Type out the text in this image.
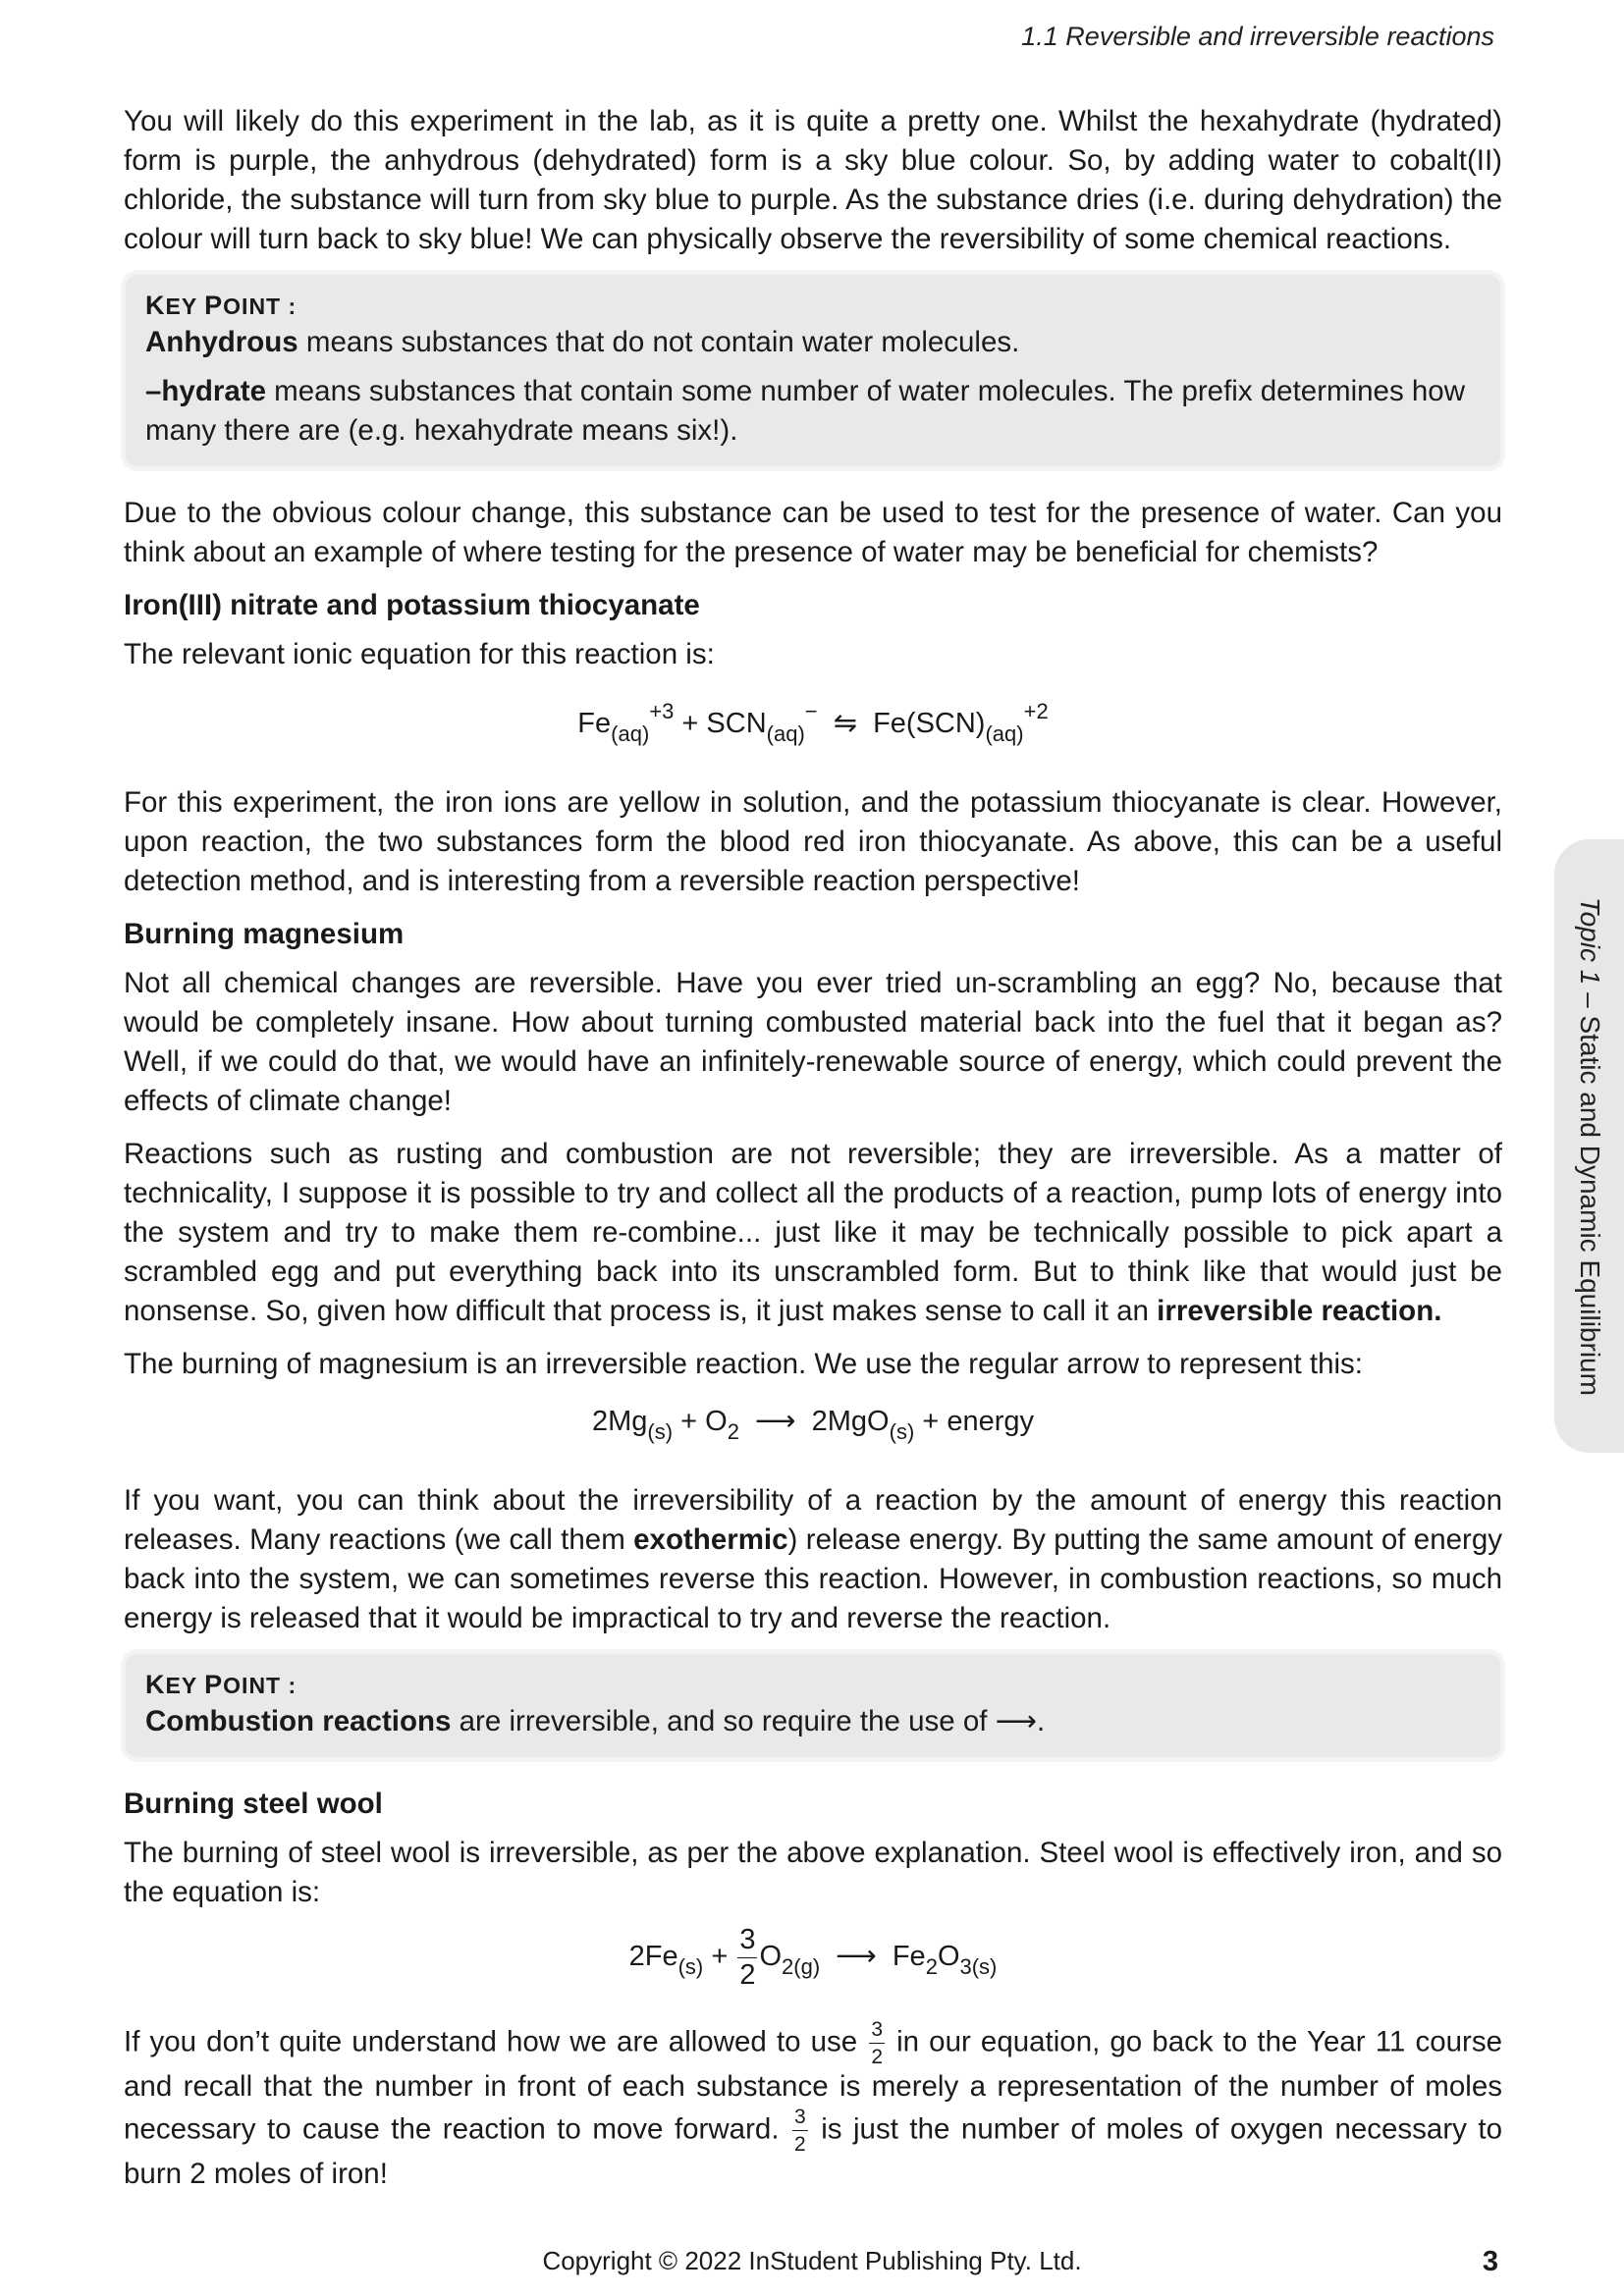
1.1 Reversible and irreversible reactions

You will likely do this experiment in the lab, as it is quite a pretty one. Whilst the hexahydrate (hydrated) form is purple, the anhydrous (dehydrated) form is a sky blue colour. So, by adding water to cobalt(II) chloride, the substance will turn from sky blue to purple. As the substance dries (i.e. during dehydration) the colour will turn back to sky blue! We can physically observe the reversibility of some chemical reactions.

KEY POINT :

Anhydrous means substances that do not contain water molecules.

–hydrate means substances that contain some number of water molecules. The prefix determines how many there are (e.g. hexahydrate means six!).

Due to the obvious colour change, this substance can be used to test for the presence of water. Can you think about an example of where testing for the presence of water may be beneficial for chemists?

Iron(III) nitrate and potassium thiocyanate

The relevant ionic equation for this reaction is:

$Fe_{(aq)}^{+3} + SCN_{(aq)}^-$ ⇋ $Fe(SCN)_{(aq)}^{+2}$

For this experiment, the iron ions are yellow in solution, and the potassium thiocyanate is clear. However, upon reaction, the two substances form the blood red iron thiocyanate. As above, this can be a useful detection method, and is interesting from a reversible reaction perspective!

Burning magnesium

Not all chemical changes are reversible. Have you ever tried un-scrambling an egg? No, because that would be completely insane. How about turning combusted material back into the fuel that it began as? Well, if we could do that, we would have an infinitely-renewable source of energy, which could prevent the effects of climate change!

Reactions such as rusting and combustion are not reversible; they are irreversible. As a matter of technicality, I suppose it is possible to try and collect all the products of a reaction, pump lots of energy into the system and try to make them re-combine... just like it may be technically possible to pick apart a scrambled egg and put everything back into its unscrambled form. But to think like that would just be nonsense. So, given how difficult that process is, it just makes sense to call it an irreversible reaction.

The burning of magnesium is an irreversible reaction. We use the regular arrow to represent this:

$2Mg_{(s)} + O_2$ ⟶ 2MgO$_{(s)}$ + energy

If you want, you can think about the irreversibility of a reaction by the amount of energy this reaction releases. Many reactions (we call them exothermic) release energy. By putting the same amount of energy back into the system, we can sometimes reverse this reaction. However, in combustion reactions, so much energy is released that it would be impractical to try and reverse the reaction.

KEY POINT :

Combustion reactions are irreversible, and so require the use of ⟶.

Burning steel wool

The burning of steel wool is irreversible, as per the above explanation. Steel wool is effectively iron, and so the equation is:

$2Fe_{(s)} + \frac{3}{2} O_{2(g)}$ ⟶ $Fe_2O_{3(s)}$

If you don’t quite understand how we are allowed to use $\frac{3}{2}$ in our equation, go back to the Year 11 course and recall that the number in front of each substance is merely a representation of the number of moles necessary to cause the reaction to move forward. $\frac{3}{2}$ is just the number of moles of oxygen necessary to burn 2 moles of iron!

Topic 1 – Static and Dynamic Equilibrium
Copyright © 2022 InStudent Publishing Pty. Ltd.	3
